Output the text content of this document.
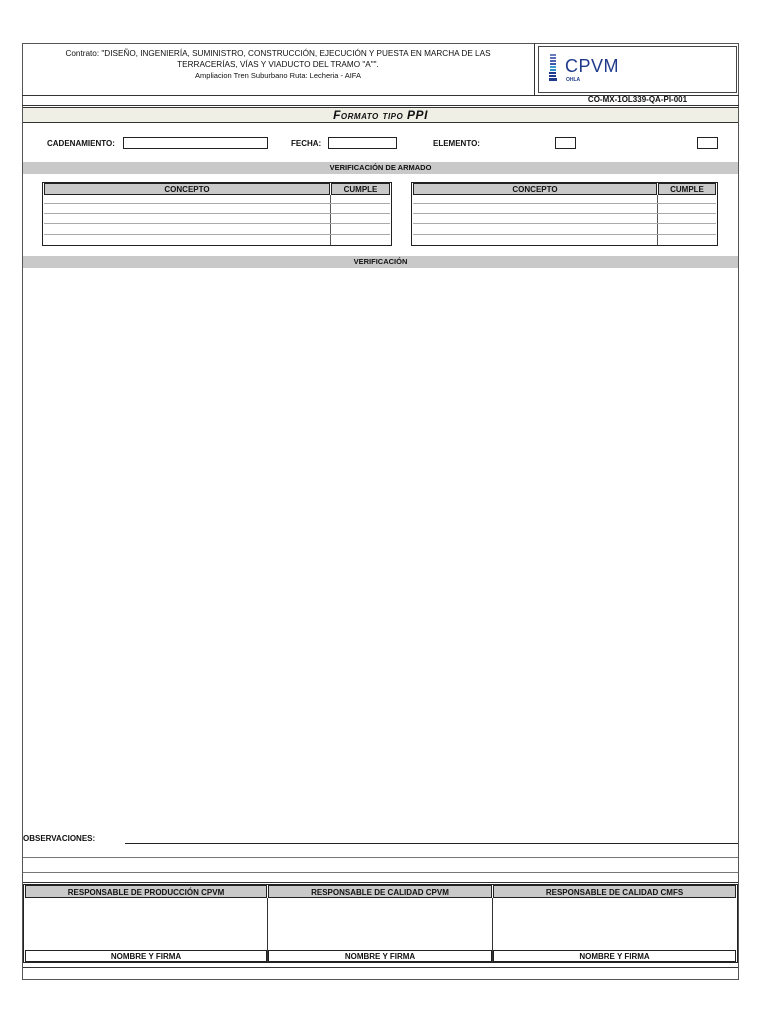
Contrato: "DISEÑO, INGENIERÍA, SUMINISTRO, CONSTRUCCIÓN, EJECUCIÓN Y PUESTA EN MARCHA DE LAS
TERRACERÍAS, VÍAS Y VIADUCTO DEL TRAMO "A"".
Ampliacion Tren Suburbano Ruta: Lecheria - AIFA	CPVM
OHLA
CO-MX-1OL339-QA-PI-001
Formato tipo PPI
CADENAMIENTO:	FECHA:	ELEMENTO:
VERIFICACIÓN DE ARMADO
CONCEPTO	CUMPLE	CONCEPTO	CUMPLE
VERIFICACIÓN
OBSERVACIONES:
RESPONSABLE DE PRODUCCIÓN CPVM	RESPONSABLE DE CALIDAD CPVM	RESPONSABLE DE CALIDAD CMFS
NOMBRE Y FIRMA	NOMBRE Y FIRMA	NOMBRE Y FIRMA
